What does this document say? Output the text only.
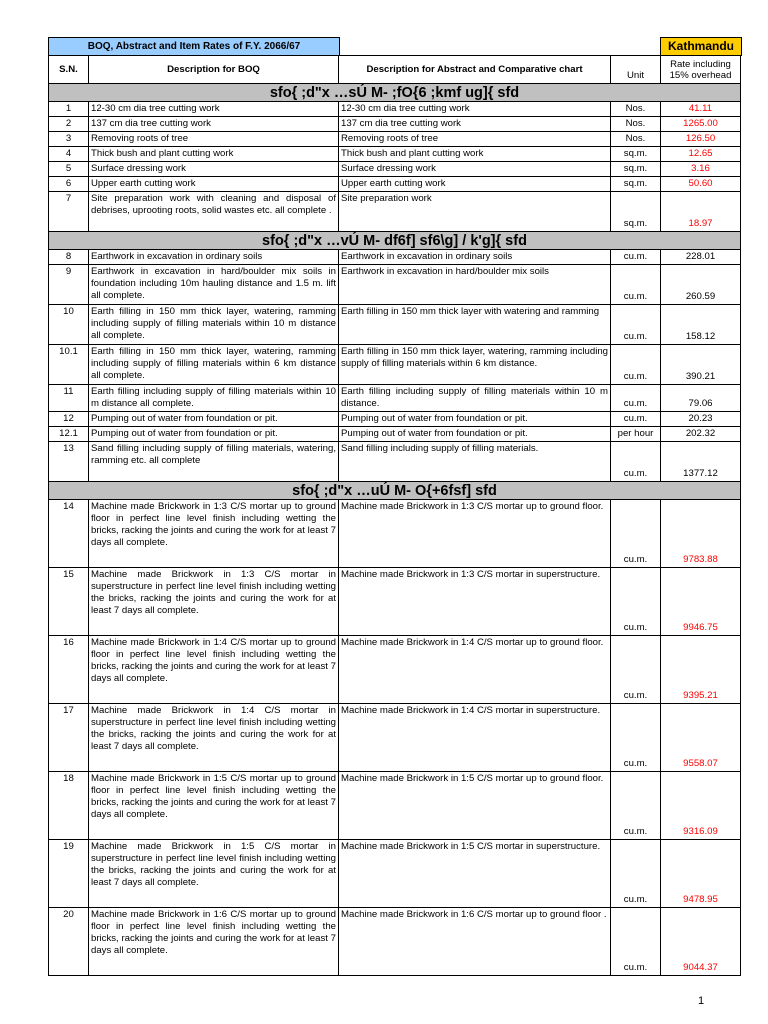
BOQ, Abstract and Item Rates of F.Y. 2066/67	Kathmandu

S.N.	Description for BOQ	Description for Abstract and Comparative chart	Unit	Rate including 15% overhead
sfo{ ;d"x …sÚ M- ;fO{6 ;kmf ug]{ sfd				
1	12-30 cm dia tree cutting work	12-30 cm dia tree cutting work	Nos.	41.11
2	137 cm dia tree cutting work	137 cm dia tree cutting work	Nos.	1265.00
3	Removing roots of tree	Removing roots of tree	Nos.	126.50
4	Thick bush and plant cutting work	Thick bush and plant cutting work	sq.m.	12.65
5	Surface dressing work	Surface dressing work	sq.m.	3.16
6	Upper earth cutting work	Upper earth cutting work	sq.m.	50.60
7	Site preparation work with cleaning and disposal of debrises, uprooting roots, solid wastes etc. all complete .	Site preparation work	sq.m.	18.97
sfo{ ;d"x …vÚ M- df6f] sf6\g] / k'g]{ sfd				
8	Earthwork in excavation in ordinary soils	Earthwork in excavation in ordinary soils	cu.m.	228.01
9	Earthwork in excavation in hard/boulder mix soils in foundation including 10m hauling distance and 1.5 m. lift all complete.	Earthwork in excavation in hard/boulder mix soils	cu.m.	260.59
10	Earth filling in 150 mm thick layer, watering, ramming including supply of filling materials within 10 m distance all complete.	Earth filling in 150 mm thick layer with watering and ramming	cu.m.	158.12
10.1	Earth filling in 150 mm thick layer, watering, ramming including supply of filling materials within 6 km distance all complete.	Earth filling in 150 mm thick layer, watering, ramming including supply of filling materials within 6 km distance.	cu.m.	390.21
11	Earth filling including supply of filling materials within 10 m distance all complete.	Earth filling including supply of filling materials within 10 m distance.	cu.m.	79.06
12	Pumping out of water from foundation or pit.	Pumping out of water from foundation or pit.	cu.m.	20.23
12.1	Pumping out of water from foundation or pit.	Pumping out of water from foundation or pit.	per hour	202.32
13	Sand filling including supply of filling materials, watering, ramming etc. all complete	Sand filling including supply of filling materials.	cu.m.	1377.12
sfo{ ;d"x …uÚ M- O{+6fsf] sfd				
14	Machine made Brickwork in 1:3 C/S mortar up to ground floor in perfect line level finish including wetting the bricks, racking the joints and curing the work for at least 7 days all complete.	Machine made Brickwork in 1:3 C/S mortar up to ground floor.	cu.m.	9783.88
15	Machine made Brickwork in 1:3 C/S mortar in superstructure in perfect line level finish including wetting the bricks, racking the joints and curing the work for at least 7 days all complete.	Machine made Brickwork in 1:3 C/S mortar in superstructure.	cu.m.	9946.75
16	Machine made Brickwork in 1:4 C/S mortar up to ground floor in perfect line level finish including wetting the bricks, racking the joints and curing the work for at least 7 days all complete.	Machine made Brickwork in 1:4 C/S mortar up to ground floor.	cu.m.	9395.21
17	Machine made Brickwork in 1:4 C/S mortar in superstructure in perfect line level finish including wetting the bricks, racking the joints and curing the work for at least 7 days all complete.	Machine made Brickwork in 1:4 C/S mortar in superstructure.	cu.m.	9558.07
18	Machine made Brickwork in 1:5 C/S mortar up to ground floor in perfect line level finish including wetting the bricks, racking the joints and curing the work for at least 7 days all complete.	Machine made Brickwork in 1:5 C/S mortar up to ground floor.	cu.m.	9316.09
19	Machine made Brickwork in 1:5 C/S mortar in superstructure in perfect line level finish including wetting the bricks, racking the joints and curing the work for at least 7 days all complete.	Machine made Brickwork in 1:5 C/S mortar in superstructure.	cu.m.	9478.95
20	Machine made Brickwork in 1:6 C/S mortar up to ground floor in perfect line level finish including wetting the bricks, racking the joints and curing the work for at least 7 days all complete.	Machine made Brickwork in 1:6 C/S mortar up to ground floor .	cu.m.	9044.37
1
